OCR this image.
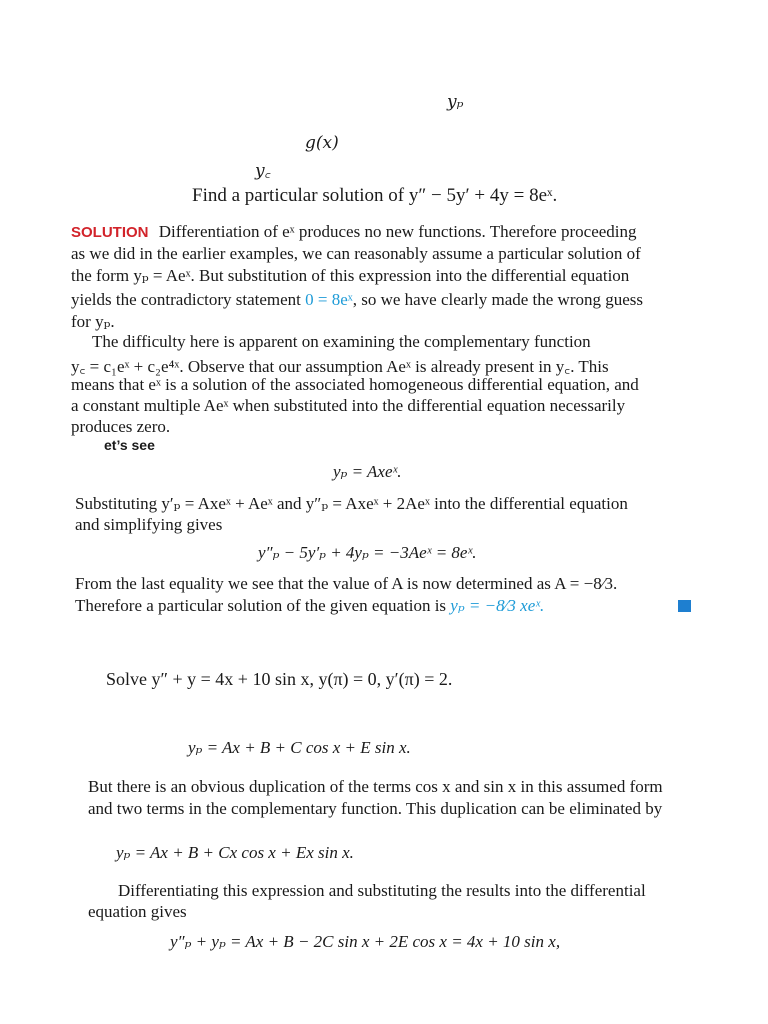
yₚ
g(x)
y꜀
Find a particular solution of y″ − 5y′ + 4y = 8eˣ.
SOLUTION Differentiation of eˣ produces no new functions. Therefore proceeding
as we did in the earlier examples, we can reasonably assume a particular solution of
the form yₚ = Aeˣ. But substitution of this expression into the differential equation
yields the contradictory statement 0 = 8eˣ, so we have clearly made the wrong guess
for yₚ.
The difficulty here is apparent on examining the complementary function
y꜀ = c₁eˣ + c₂e⁴ˣ. Observe that our assumption Aeˣ is already present in y꜀. This
means that eˣ is a solution of the associated homogeneous differential equation, and
a constant multiple Aeˣ when substituted into the differential equation necessarily
produces zero.
et’s see
yₚ = Axeˣ.
Substituting y′ₚ = Axeˣ + Aeˣ and y″ₚ = Axeˣ + 2Aeˣ into the differential equation
and simplifying gives
y″ₚ − 5y′ₚ + 4yₚ = −3Aeˣ = 8eˣ.
From the last equality we see that the value of A is now determined as A = −8⁄3.
Therefore a particular solution of the given equation is yₚ = −8⁄3 xeˣ.
Solve y″ + y = 4x + 10 sin x, y(π) = 0, y′(π) = 2.
yₚ = Ax + B + C cos x + E sin x.
But there is an obvious duplication of the terms cos x and sin x in this assumed form
and two terms in the complementary function. This duplication can be eliminated by
yₚ = Ax + B + Cx cos x + Ex sin x.
Differentiating this expression and substituting the results into the differential
equation gives
y″ₚ + yₚ = Ax + B − 2C sin x + 2E cos x = 4x + 10 sin x,
